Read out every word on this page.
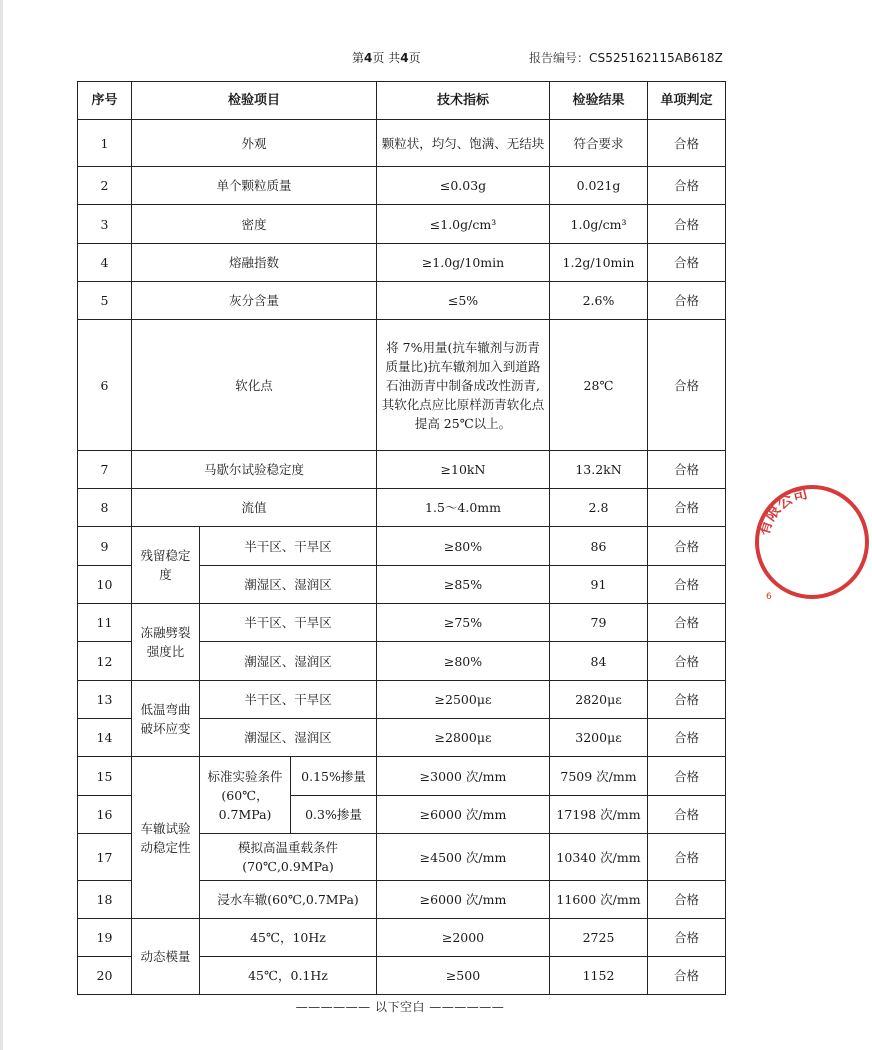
第4页 共4页	报告编号：CS525162115AB618Z
序号	检验项目			技术指标	检验结果	单项判定
1	外观			颗粒状，均匀、饱满、无结块	符合要求	合格
2	单个颗粒质量			≤0.03g	0.021g	合格
3	密度			≤1.0g/cm³	1.0g/cm³	合格
4	熔融指数			≥1.0g/10min	1.2g/10min	合格
5	灰分含量			≤5%	2.6%	合格
6	软化点			将 7%用量(抗车辙剂与沥青质量比)抗车辙剂加入到道路石油沥青中制备成改性沥青,其软化点应比原样沥青软化点提高 25℃以上。	28℃	合格
7	马歇尔试验稳定度			≥10kN	13.2kN	合格
8	流值			1.5～4.0mm	2.8	合格
9	残留稳定度	半干区、干旱区		≥80%	86	合格
10		潮湿区、湿润区		≥85%	91	合格
11	冻融劈裂强度比	半干区、干旱区		≥75%	79	合格
12		潮湿区、湿润区		≥80%	84	合格
13	低温弯曲破坏应变	半干区、干旱区		≥2500με	2820με	合格
14		潮湿区、湿润区		≥2800με	3200με	合格
15	车辙试验动稳定性	标准实验条件(60℃，0.7MPa)	0.15%掺量	≥3000 次/mm	7509 次/mm	合格
16			0.3%掺量	≥6000 次/mm	17198 次/mm	合格
17		模拟高温重载条件(70℃,0.9MPa)		≥4500 次/mm	10340 次/mm	合格
18		浸水车辙(60℃,0.7MPa)		≥6000 次/mm	11600 次/mm	合格
19	动态模量	45℃，10Hz		≥2000	2725	合格
20		45℃，0.1Hz		≥500	1152	合格
—————— 以下空白 ——————
有限公司
6
